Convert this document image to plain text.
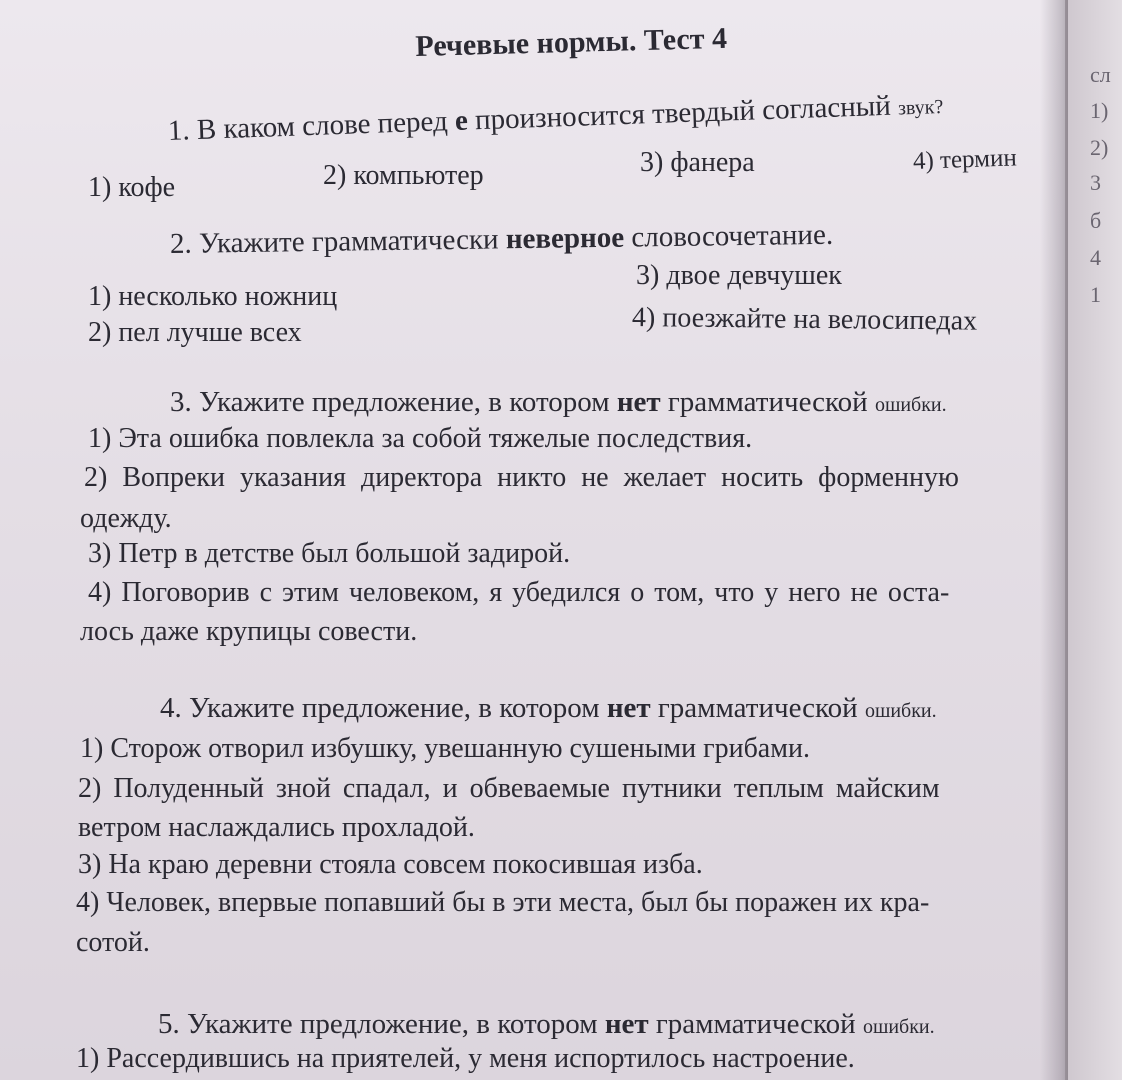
Речевые нормы. Тест 4
1. В каком слове перед е произносится твердый согласный звук?
1) кофе	2) компьютер	3) фанера	4) термин
2. Укажите грамматически неверное словосочетание.
1) несколько ножниц
2) пел лучше всех
3) двое девчушек
4) поезжайте на велосипедах
3. Укажите предложение, в котором нет грамматической ошибки.
1) Эта ошибка повлекла за собой тяжелые последствия.
2) Вопреки указания директора никто не желает носить форменную
одежду.
3) Петр в детстве был большой задирой.
4) Поговорив с этим человеком, я убедился о том, что у него не оста-
лось даже крупицы совести.
4. Укажите предложение, в котором нет грамматической ошибки.
1) Сторож отворил избушку, увешанную сушеными грибами.
2) Полуденный зной спадал, и обвеваемые путники теплым майским
ветром наслаждались прохладой.
3) На краю деревни стояла совсем покосившая изба.
4) Человек, впервые попавший бы в эти места, был бы поражен их кра-
сотой.
5. Укажите предложение, в котором нет грамматической ошибки.
1) Рассердившись на приятелей, у меня испортилось настроение.
сл
1)
2)
3
б
4
1
